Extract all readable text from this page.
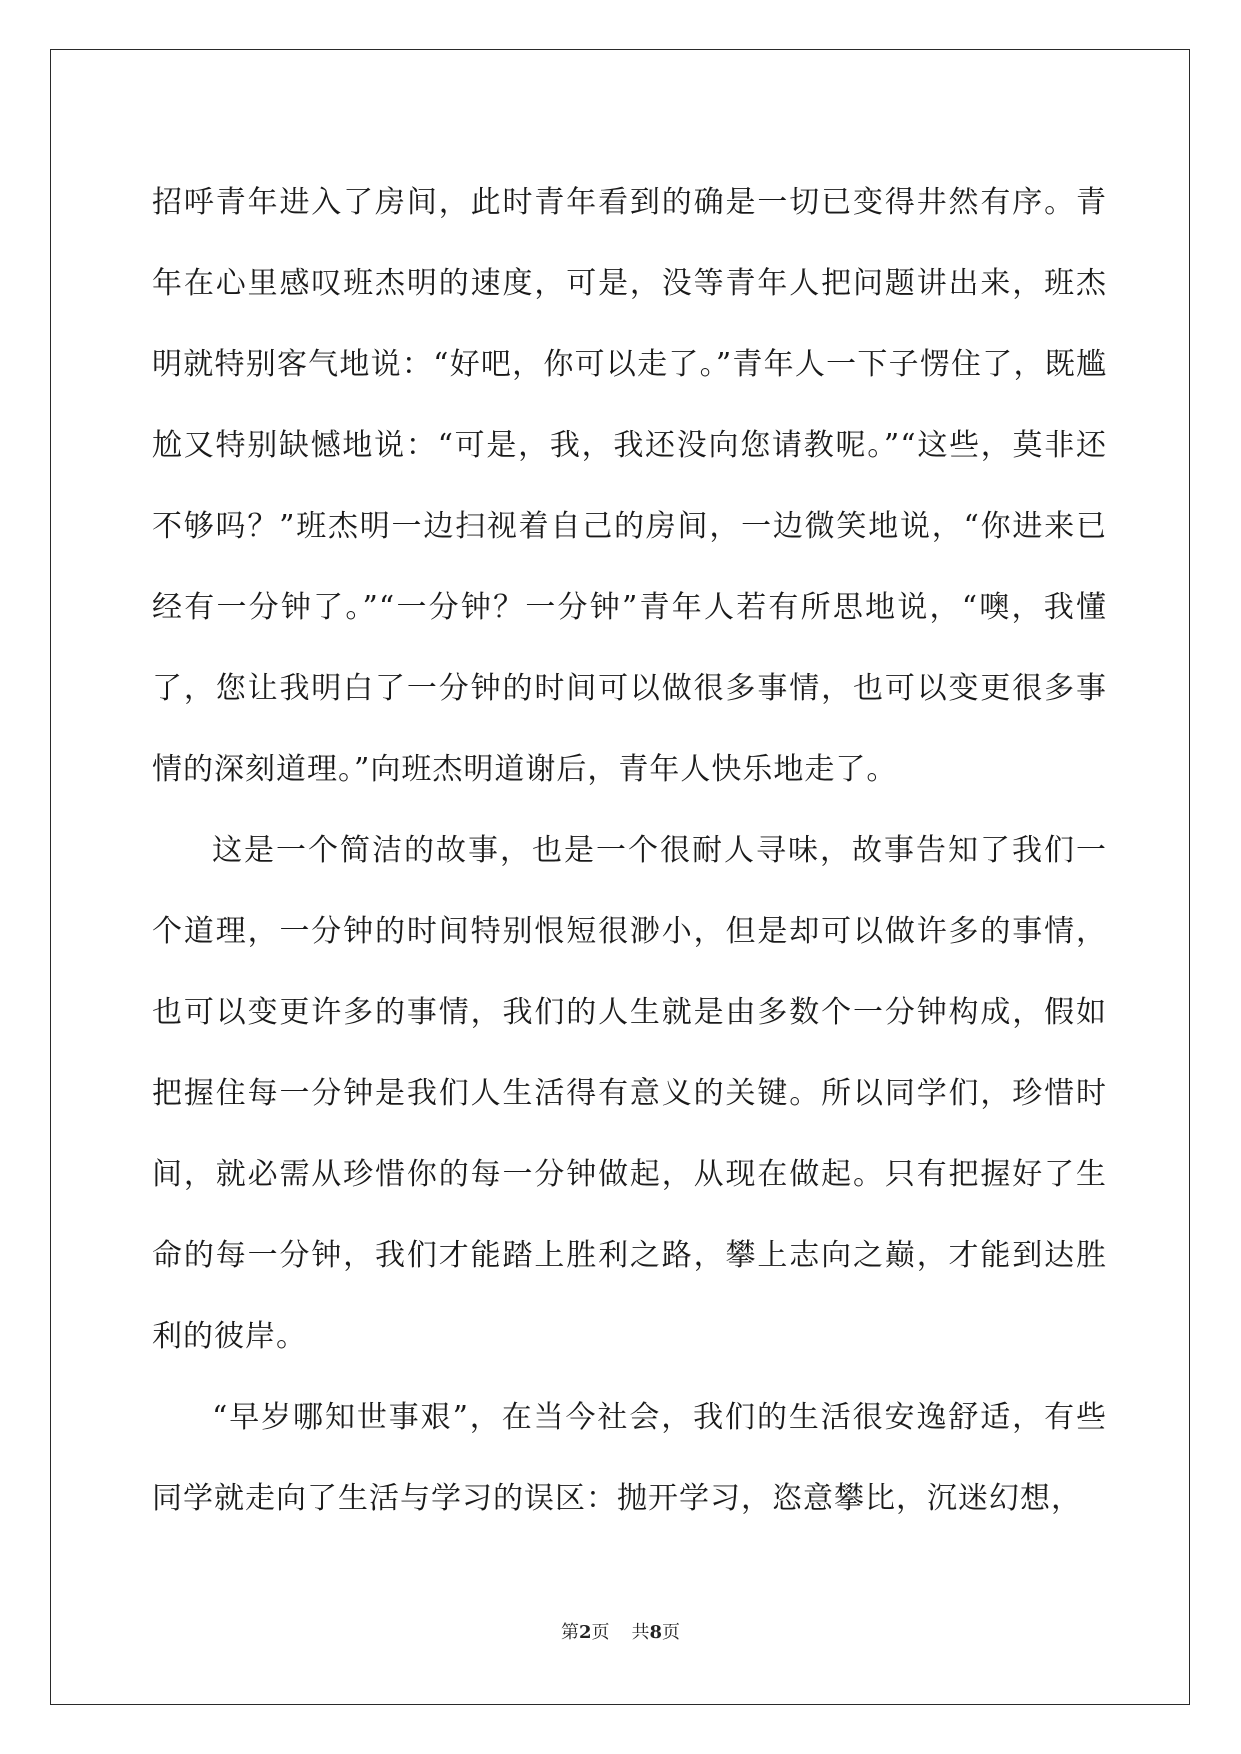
招呼青年进入了房间，此时青年看到的确是一切已变得井然有序。青年在心里感叹班杰明的速度，可是，没等青年人把问题讲出来，班杰明就特别客气地说：“好吧，你可以走了。”青年人一下子愣住了，既尴尬又特别缺憾地说：“可是，我，我还没向您请教呢。”“这些，莫非还不够吗？”班杰明一边扫视着自己的房间，一边微笑地说，“你进来已经有一分钟了。”“一分钟？一分钟”青年人若有所思地说，“噢，我懂了，您让我明白了一分钟的时间可以做很多事情，也可以变更很多事情的深刻道理。”向班杰明道谢后，青年人快乐地走了。

这是一个简洁的故事，也是一个很耐人寻味，故事告知了我们一个道理，一分钟的时间特别恨短很渺小，但是却可以做许多的事情，也可以变更许多的事情，我们的人生就是由多数个一分钟构成，假如把握住每一分钟是我们人生活得有意义的关键。所以同学们，珍惜时间，就必需从珍惜你的每一分钟做起，从现在做起。只有把握好了生命的每一分钟，我们才能踏上胜利之路，攀上志向之巅，才能到达胜利的彼岸。

“早岁哪知世事艰”，在当今社会，我们的生活很安逸舒适，有些同学就走向了生活与学习的误区：抛开学习，恣意攀比，沉迷幻想，

第2页 共8页
